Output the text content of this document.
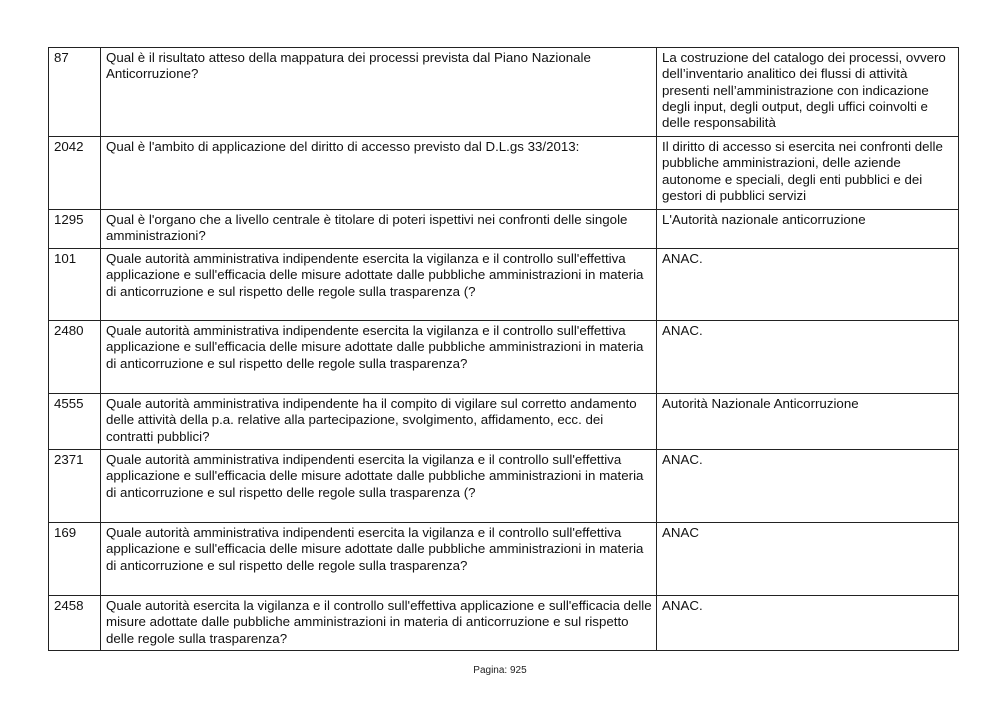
87	Qual è il risultato atteso della mappatura dei processi prevista dal Piano Nazionale Anticorruzione?	La costruzione del catalogo dei processi, ovvero dell’inventario analitico dei flussi di attività presenti nell’amministrazione con indicazione degli input, degli output, degli uffici coinvolti e delle responsabilità
2042	Qual è l'ambito di applicazione del diritto di accesso previsto dal D.L.gs 33/2013:	Il diritto di accesso si esercita nei confronti delle pubbliche amministrazioni, delle aziende autonome e speciali, degli enti pubblici e dei gestori di pubblici servizi
1295	Qual è l'organo che a livello centrale è titolare di poteri ispettivi nei confronti delle singole amministrazioni?	L'Autorità nazionale anticorruzione
101	Quale autorità amministrativa indipendente esercita la vigilanza e il controllo sull'effettiva applicazione e sull'efficacia delle misure adottate dalle pubbliche amministrazioni in materia di anticorruzione e sul rispetto delle regole sulla trasparenza (?	ANAC.
2480	Quale autorità amministrativa indipendente esercita la vigilanza e il controllo sull'effettiva applicazione e sull'efficacia delle misure adottate dalle pubbliche amministrazioni in materia di anticorruzione e sul rispetto delle regole sulla trasparenza?	ANAC.
4555	Quale autorità amministrativa indipendente ha il compito di vigilare sul corretto andamento delle attività della p.a. relative alla partecipazione, svolgimento, affidamento, ecc. dei contratti pubblici?	Autorità Nazionale Anticorruzione
2371	Quale autorità amministrativa indipendenti esercita la vigilanza e il controllo sull'effettiva applicazione e sull'efficacia delle misure adottate dalle pubbliche amministrazioni in materia di anticorruzione e sul rispetto delle regole sulla trasparenza (?	ANAC.
169	Quale autorità amministrativa indipendenti esercita la vigilanza e il controllo sull'effettiva applicazione e sull'efficacia delle misure adottate dalle pubbliche amministrazioni in materia di anticorruzione e sul rispetto delle regole sulla trasparenza?	ANAC
2458	Quale autorità esercita la vigilanza e il controllo sull'effettiva applicazione e sull'efficacia delle misure adottate dalle pubbliche amministrazioni in materia di anticorruzione e sul rispetto delle regole sulla trasparenza?	ANAC.
Pagina: 925
